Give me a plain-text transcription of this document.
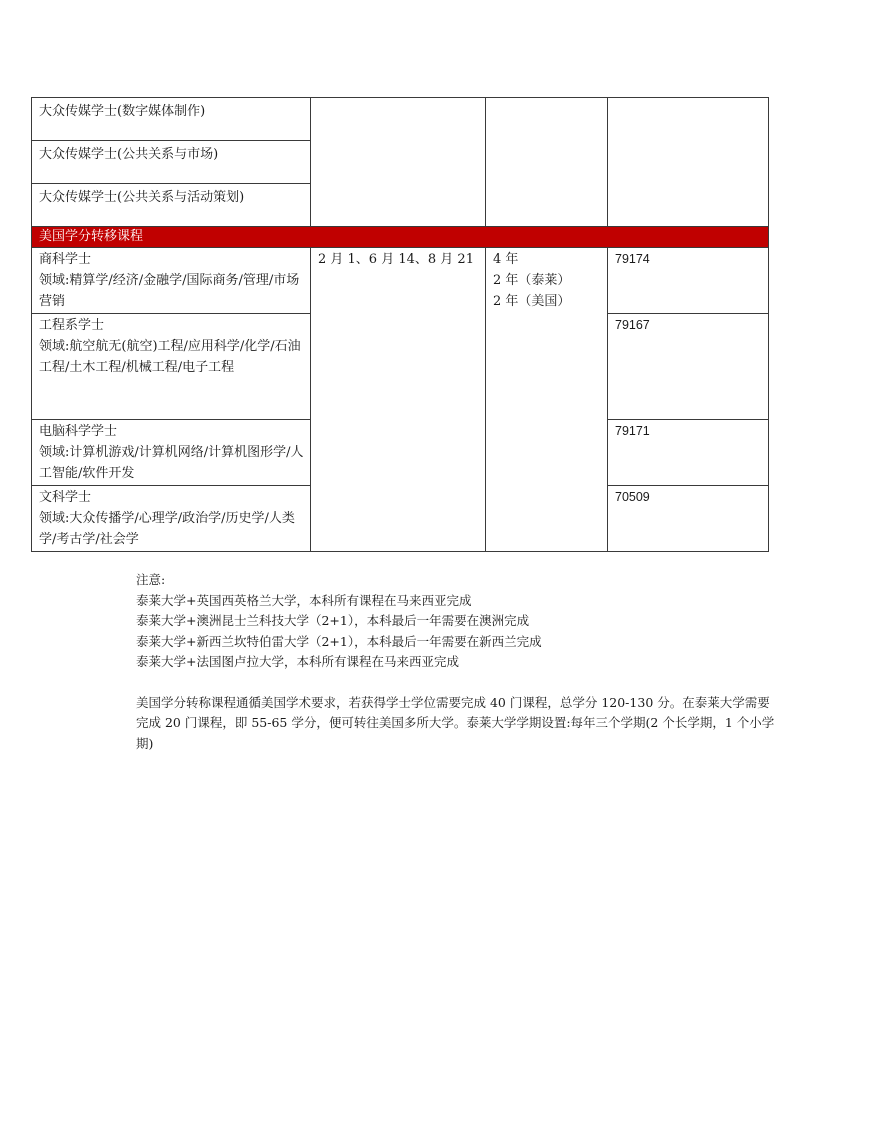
大众传媒学士(数字媒体制作)			
大众传媒学士(公共关系与市场)			
大众传媒学士(公共关系与活动策划)			
美国学分转移课程			

商科学士
领域:精算学/经济/金融学/国际商务/管理/市场营销	2 月 1、6 月 14、8 月 21	4 年
2 年（泰莱）
2 年（美国）	79174

工程系学士
领域:航空航无(航空)工程/应用科学/化学/石油工程/土木工程/机械工程/电子工程			79167

电脑科学学士
领域:计算机游戏/计算机网络/计算机图形学/人工智能/软件开发			79171

文科学士
领域:大众传播学/心理学/政治学/历史学/人类学/考古学/社会学			70509

注意:

泰莱大学+英国西英格兰大学，本科所有课程在马来西亚完成

泰莱大学+澳洲昆士兰科技大学（2+1），本科最后一年需要在澳洲完成

泰莱大学+新西兰坎特伯雷大学（2+1），本科最后一年需要在新西兰完成

泰莱大学+法国图卢拉大学，本科所有课程在马来西亚完成

美国学分转称课程通循美国学术要求，若获得学士学位需要完成 40 门课程，总学分 120-130 分。在泰莱大学需要完成 20 门课程，即 55-65 学分，便可转往美国多所大学。泰莱大学学期设置:每年三个学期(2 个长学期，1 个小学期)
